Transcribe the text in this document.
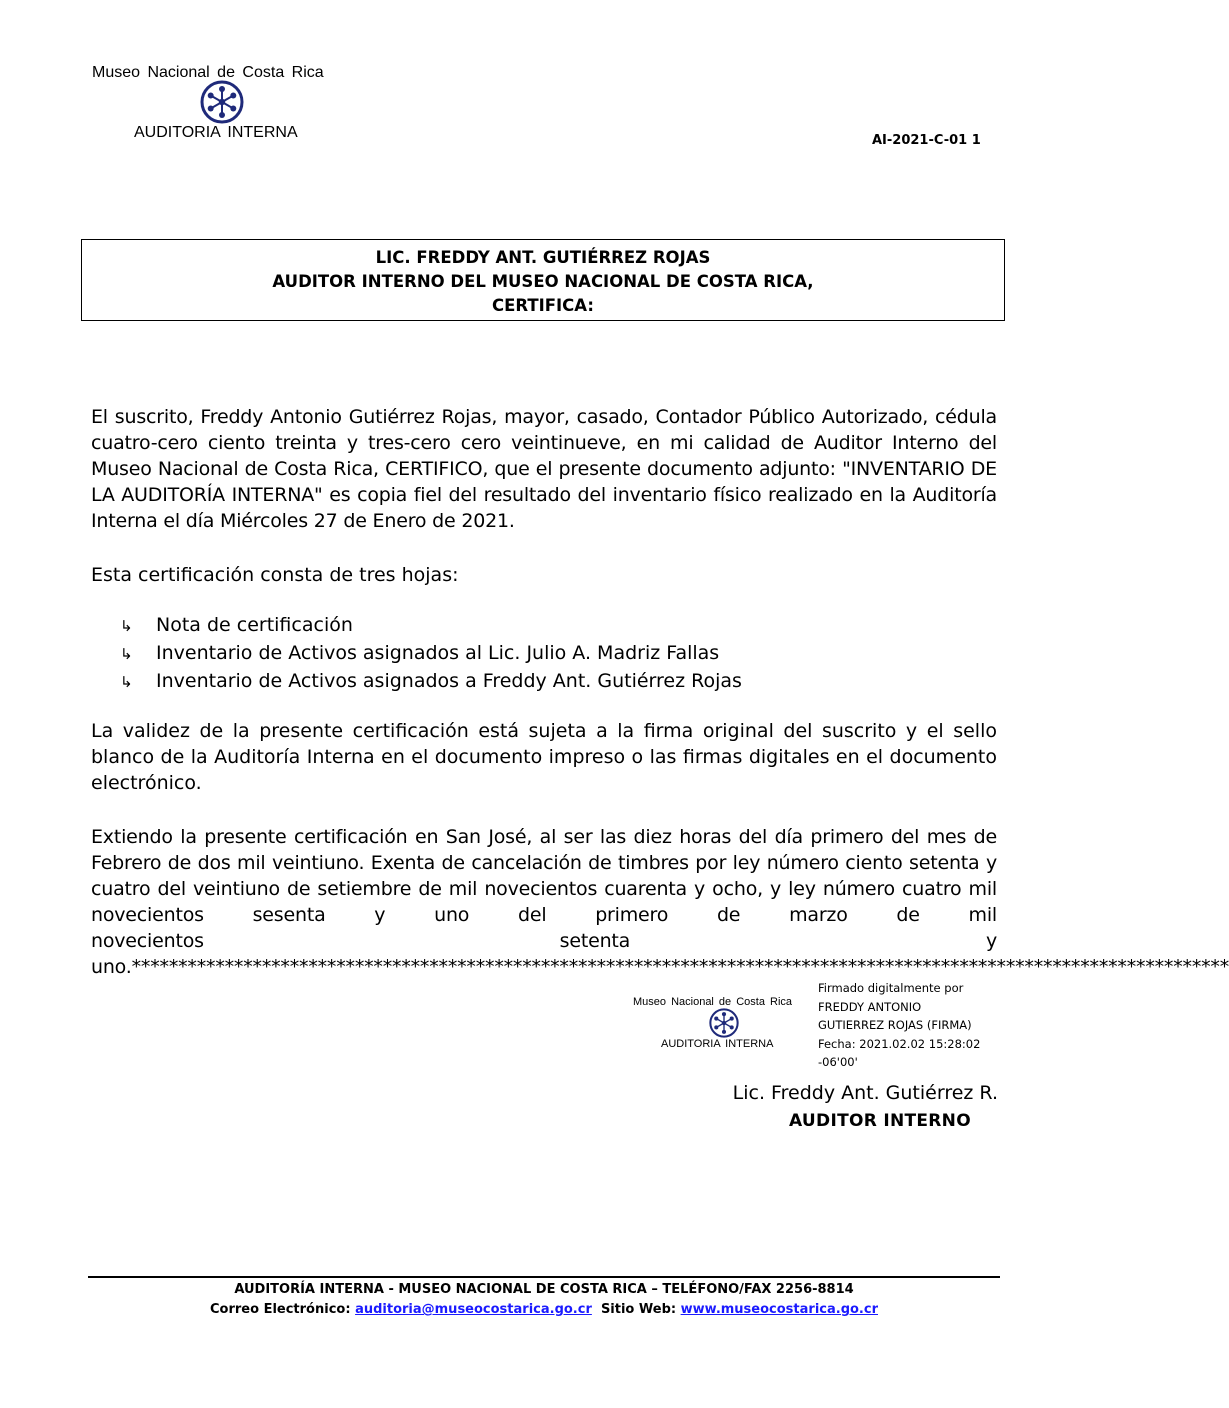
Museo Nacional de Costa Rica
AUDITORIA INTERNA	AI-2021-C-01 1
LIC. FREDDY ANT. GUTIÉRREZ ROJAS
AUDITOR INTERNO DEL MUSEO NACIONAL DE COSTA RICA,
CERTIFICA:

El suscrito, Freddy Antonio Gutiérrez Rojas, mayor, casado, Contador Público Autorizado, cédula cuatro-cero ciento treinta y tres-cero cero veintinueve, en mi calidad de Auditor Interno del Museo Nacional de Costa Rica, CERTIFICO, que el presente documento adjunto: "INVENTARIO DE LA AUDITORÍA INTERNA" es copia fiel del resultado del inventario físico realizado en la Auditoría Interna el día Miércoles 27 de Enero de 2021.

Esta certificación consta de tres hojas:

↳ Nota de certificación
↳ Inventario de Activos asignados al Lic. Julio A. Madriz Fallas
↳ Inventario de Activos asignados a Freddy Ant. Gutiérrez Rojas

La validez de la presente certificación está sujeta a la firma original del suscrito y el sello blanco de la Auditoría Interna en el documento impreso o las firmas digitales en el documento electrónico.

Extiendo la presente certificación en San José, al ser las diez horas del día primero del mes de Febrero de dos mil veintiuno. Exenta de cancelación de timbres por ley número ciento setenta y cuatro del veintiuno de setiembre de mil novecientos cuarenta y ocho, y ley número cuatro mil novecientos sesenta y uno del primero de marzo de mil
novecientos	setenta	y
uno.**********************************************************************************************************************
Museo Nacional de Costa Rica
AUDITORIA INTERNA
Firmado digitalmente por
FREDDY ANTONIO
GUTIERREZ ROJAS (FIRMA)
Fecha: 2021.02.02 15:28:02
-06'00'
Lic. Freddy Ant. Gutiérrez R.
AUDITOR INTERNO
AUDITORÍA INTERNA - MUSEO NACIONAL DE COSTA RICA – TELÉFONO/FAX 2256-8814
Correo Electrónico: auditoria@museocostarica.go.cr Sitio Web: www.museocostarica.go.cr
